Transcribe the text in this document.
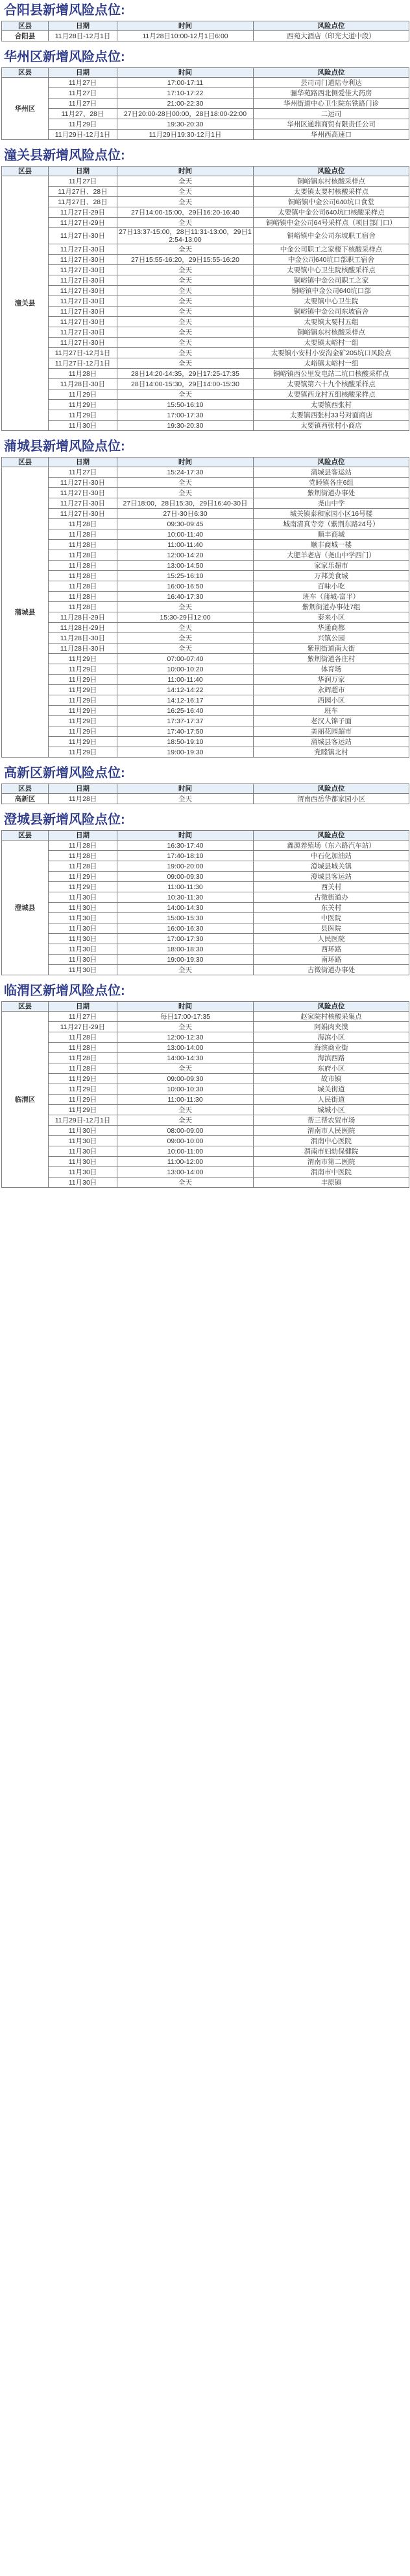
合阳县新增风险点位:
区县	日期	时间	风险点位
合阳县	11月28日-12月1日	11月28日10:00-12月1日6:00	西苑大酒店（印光大道中段）
华州区新增风险点位:
区县	日期	时间	风险点位
华州区	11月27日	17:00-17:11	芸司司门道陆寺利达
	11月27日	17:10-17:22	骊华苑路西北侧爱佳大药房
	11月27日	21:00-22:30	华州街道中心卫生院东铁路门诊
	11月27、28日	27日20:00-28日00:00，28日18:00-22:00	二运司
	11月29日	19:30-20:30	华州区通鼎商贸有限责任公司
	11月29日-12月1日	11月29日19:30-12月1日	华州西高速口
潼关县新增风险点位:
区县	日期	时间	风险点位
潼关县	11月27日	全天	铜峪镇东村核酸采样点
	11月27日、28日	全天	太要镇太要村核酸采样点
	11月27日、28日	全天	铜峪镇中金公司640坑口食堂
	11月27日-29日	27日14:00-15:00，29日16:20-16:40	太要镇中金公司640坑口核酸采样点
	11月27日-29日	全天	铜峪镇中金公司64号采样点（项目部门口）
	11月27日-30日	27日13:37-15:00，28日11:31-13:00，29日12:54-13:00	铜峪镇中金公司东坡职工宿舍
	11月27日-30日	全天	中金公司职工之家楼下核酸采样点
	11月27日-30日	27日15:55-16:20，29日15:55-16:20	中金公司640坑口部职工宿舍
	11月27日-30日	全天	太要镇中心卫生院核酸采样点
	11月27日-30日	全天	铜峪镇中金公司职工之家
	11月27日-30日	全天	铜峪镇中金公司640坑口部
	11月27日-30日	全天	太要镇中心卫生院
	11月27日-30日	全天	铜峪镇中金公司东坡宿舍
	11月27日-30日	全天	太要镇太要村五组
	11月27日-30日	全天	铜峪镇东村核酸采样点
	11月27日-30日	全天	太要镇太峪村一组
	11月27日-12月1日	全天	太要镇小安村小安沟金矿205坑口风险点
	11月27日-12月1日	全天	太峪镇太峪村一组
	11月28日	28日14:20-14:35，29日17:25-17:35	铜峪镇西公里发电站二坑口核酸采样点
	11月28日-30日	28日14:00-15:30，29日14:00-15:30	太要镇第六十九个核酸采样点
	11月29日	全天	太要镇西龙村五组核酸采样点
	11月29日	15:50-16:10	太要镇西张村
	11月29日	17:00-17:30	太要镇西张村33号对面商店
	11月30日	19:30-20:30	太要镇西张村小商店
蒲城县新增风险点位:
区县	日期	时间	风险点位
蒲城县	11月27日	15:24-17:30	蒲城县客运站
	11月27日-30日	全天	党睦镇各庄6组
	11月27日-30日	全天	紫荆街道办事处
	11月27日-30日	27日18:00，28日15:30，29日16:40-30日	尧山中学
	11月27日-30日	27日-30日6:30	城关镇泰和家园小区16号楼
	11月28日	09:30-09:45	城南清真寺旁（紫荆东路24号）
	11月28日	10:00-11:40	顺丰商城
	11月28日	11:00-11:40	顺丰商城一楼
	11月28日	12:00-14:20	大肥羊老店（尧山中学西门）
	11月28日	13:00-14:50	家家乐超市
	11月28日	15:25-16:10	万邦美食城
	11月28日	16:00-16:50	百味小吃
	11月28日	16:40-17:30	班车（蒲城-富平）
	11月28日	全天	紫荆街道办事处7组
	11月28日-29日	15:30-29日12:00	泰来小区
	11月28日-29日	全天	华通商都
	11月28日-30日	全天	兴镇公园
	11月28日-30日	全天	紫荆街道南大街
	11月29日	07:00-07:40	紫荆街道各庄村
	11月29日	10:00-10:20	体育场
	11月29日	11:00-11:40	华润万家
	11月29日	14:12-14:22	永辉超市
	11月29日	14:12-16:17	西园小区
	11月29日	16:25-16:40	班车
	11月29日	17:37-17:37	老汉人锦子面
	11月29日	17:40-17:50	美丽花园超市
	11月29日	18:50-19:10	蒲城县客运站
	11月29日	19:00-19:30	党睦镇北村
高新区新增风险点位:
区县	日期	时间	风险点位
高新区	11月28日	全天	渭南西岳华都家园小区
澄城县新增风险点位:
区县	日期	时间	风险点位
澄城县	11月28日	16:30-17:40	鑫源养殖场（东六路汽车站）
	11月28日	17:40-18:10	中石化加油站
	11月28日	19:00-20:00	澄城县城关镇
	11月29日	09:00-09:30	澄城县客运站
	11月29日	11:00-11:30	西关村
	11月30日	10:30-11:30	古徵街道办
	11月30日	14:00-14:30	东关村
	11月30日	15:00-15:30	中医院
	11月30日	16:00-16:30	县医院
	11月30日	17:00-17:30	人民医院
	11月30日	18:00-18:30	西环路
	11月30日	19:00-19:30	南环路
	11月30日	全天	古徵街道办事处
临渭区新增风险点位:
区县	日期	时间	风险点位
临渭区	11月27日	每日17:00-17:35	赵家院村核酸采集点
	11月27日-29日	全天	阿娟肉夹馍
	11月28日	12:00-12:30	海滨小区
	11月28日	13:00-14:00	海滨商业街
	11月28日	14:00-14:30	海滨西路
	11月28日	全天	东府小区
	11月29日	09:00-09:30	故市镇
	11月29日	10:00-10:30	城关街道
	11月29日	11:00-11:30	人民街道
	11月29日	全天	城城小区
	11月29日-12月1日	全天	帮三帮农贸市场
	11月30日	08:00-09:00	渭南市人民医院
	11月30日	09:00-10:00	渭南中心医院
	11月30日	10:00-11:00	渭南市妇幼保健院
	11月30日	11:00-12:00	渭南市第二医院
	11月30日	13:00-14:00	渭南市中医院
	11月30日	全天	丰原镇
